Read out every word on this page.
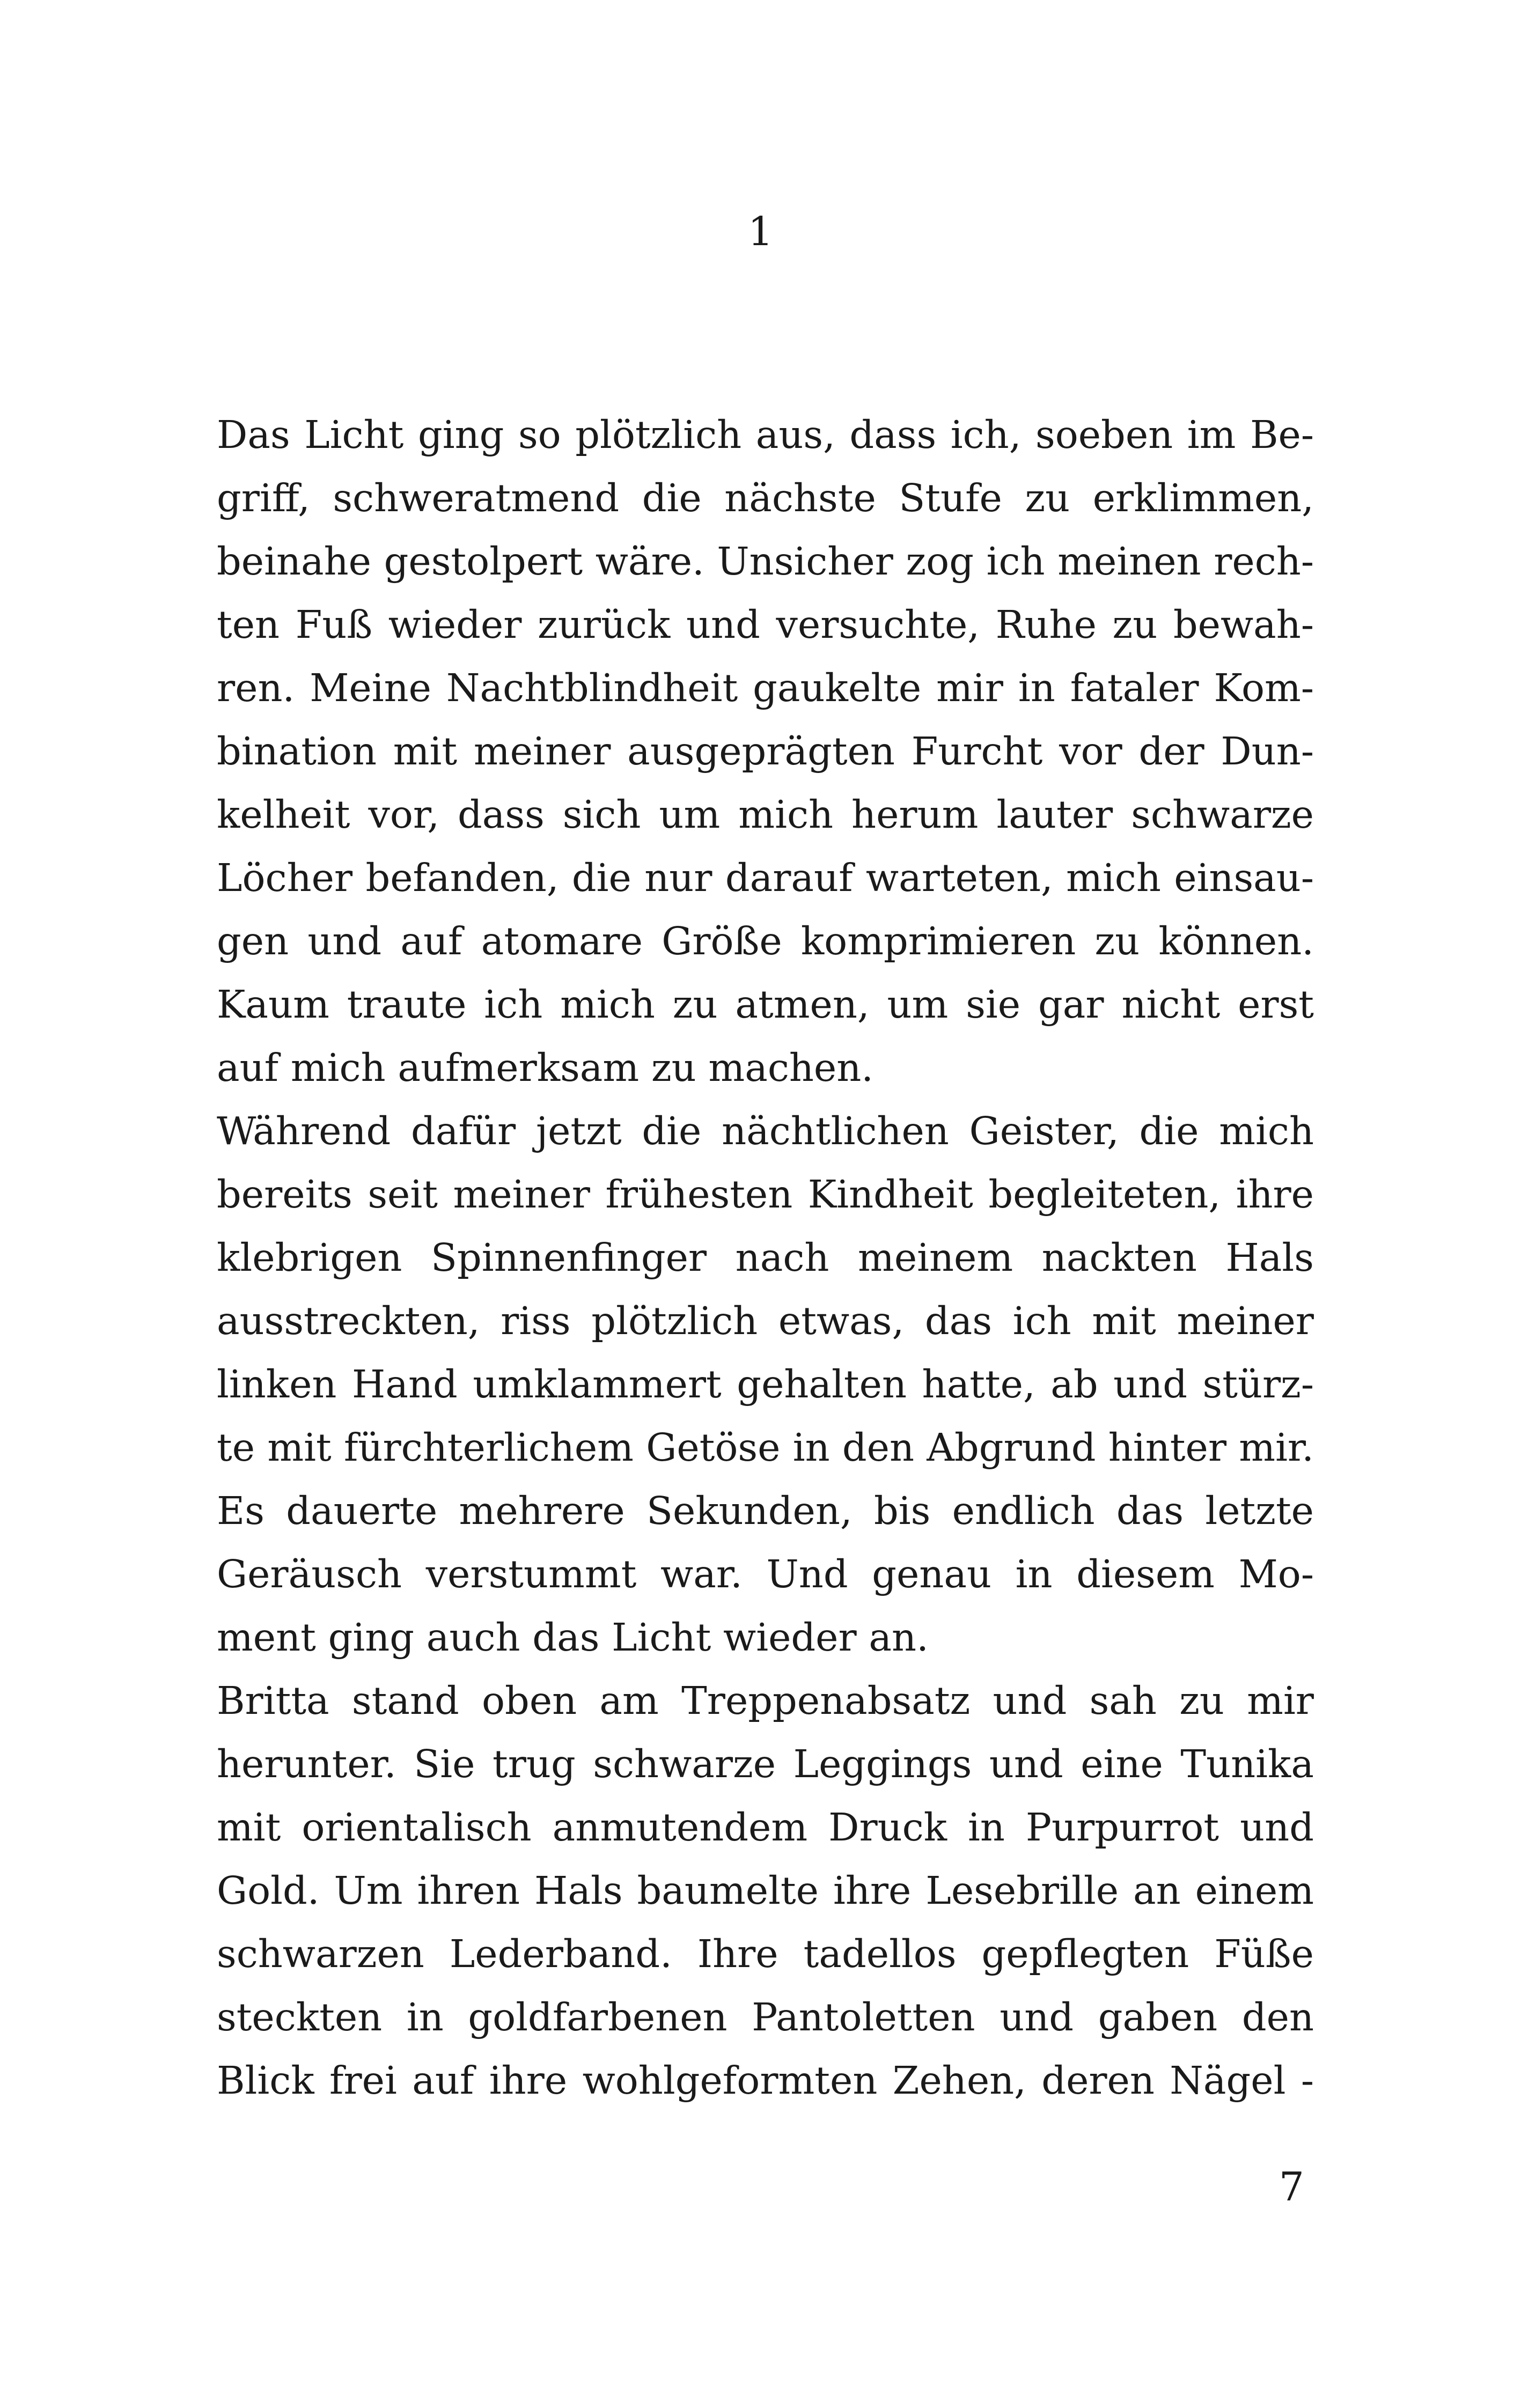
1
Das Licht ging so plötzlich aus, dass ich, soeben im Be-
griff, schweratmend die nächste Stufe zu erklimmen,
beinahe gestolpert wäre. Unsicher zog ich meinen rech-
ten Fuß wieder zurück und versuchte, Ruhe zu bewah-
ren. Meine Nachtblindheit gaukelte mir in fataler Kom-
bination mit meiner ausgeprägten Furcht vor der Dun-
kelheit vor, dass sich um mich herum lauter schwarze
Löcher befanden, die nur darauf warteten, mich einsau-
gen und auf atomare Größe komprimieren zu können.
Kaum traute ich mich zu atmen, um sie gar nicht erst
auf mich aufmerksam zu machen.
Während dafür jetzt die nächtlichen Geister, die mich
bereits seit meiner frühesten Kindheit begleiteten, ihre
klebrigen Spinnenfinger nach meinem nackten Hals
ausstreckten, riss plötzlich etwas, das ich mit meiner
linken Hand umklammert gehalten hatte, ab und stürz-
te mit fürchterlichem Getöse in den Abgrund hinter mir.
Es dauerte mehrere Sekunden, bis endlich das letzte
Geräusch verstummt war. Und genau in diesem Mo-
ment ging auch das Licht wieder an.
Britta stand oben am Treppenabsatz und sah zu mir
herunter. Sie trug schwarze Leggings und eine Tunika
mit orientalisch anmutendem Druck in Purpurrot und
Gold. Um ihren Hals baumelte ihre Lesebrille an einem
schwarzen Lederband. Ihre tadellos gepflegten Füße
steckten in goldfarbenen Pantoletten und gaben den
Blick frei auf ihre wohlgeformten Zehen, deren Nägel -
7
